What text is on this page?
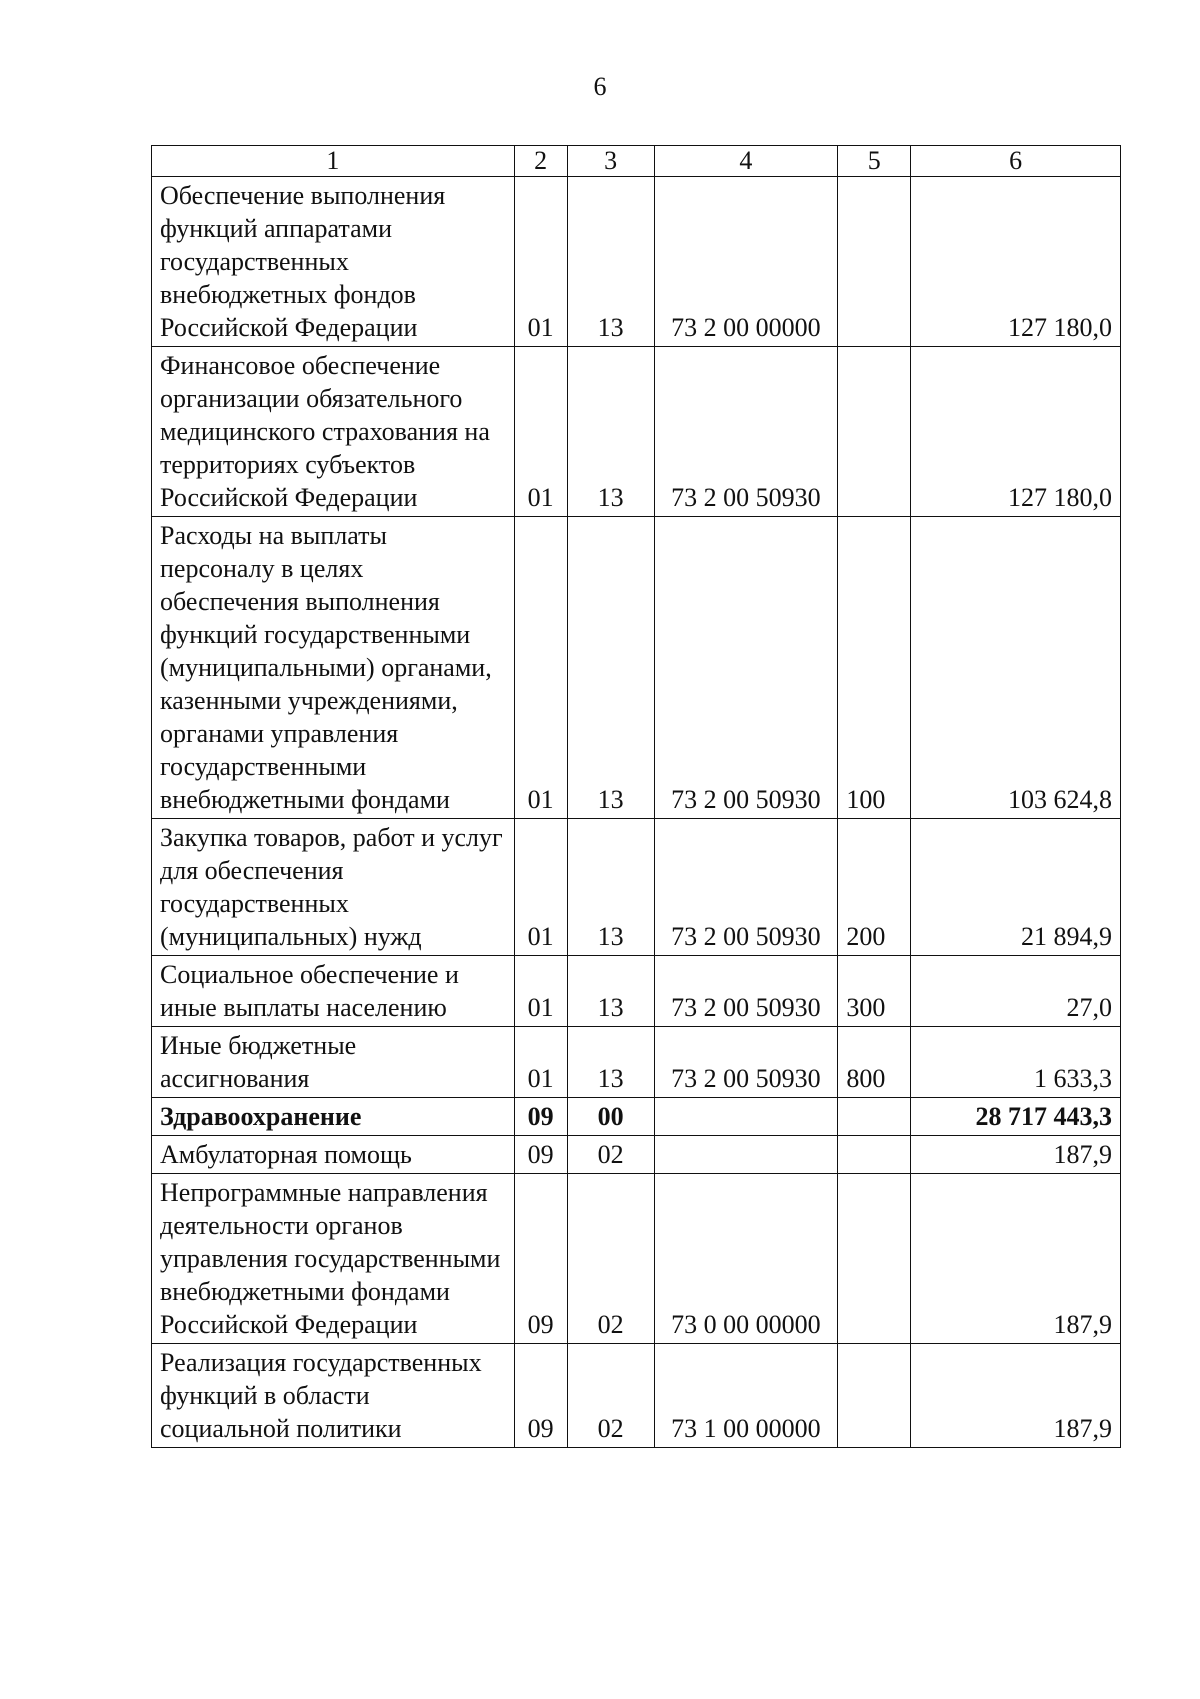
6
1	2	3	4	5	6
Обеспечение выполнения функций аппаратами государственных внебюджетных фондов Российской Федерации	01	13	73 2 00 00000		127 180,0
Финансовое обеспечение организации обязательного медицинского страхования на территориях субъектов Российской Федерации	01	13	73 2 00 50930		127 180,0
Расходы на выплаты персоналу в целях обеспечения выполнения функций государственными (муниципальными) органами, казенными учреждениями, органами управления государственными внебюджетными фондами	01	13	73 2 00 50930	100	103 624,8
Закупка товаров, работ и услуг для обеспечения государственных (муниципальных) нужд	01	13	73 2 00 50930	200	21 894,9
Социальное обеспечение и иные выплаты населению	01	13	73 2 00 50930	300	27,0
Иные бюджетные ассигнования	01	13	73 2 00 50930	800	1 633,3
Здравоохранение	09	00			28 717 443,3
Амбулаторная помощь	09	02			187,9
Непрограммные направления деятельности органов управления государственными внебюджетными фондами Российской Федерации	09	02	73 0 00 00000		187,9
Реализация государственных функций в области социальной политики	09	02	73 1 00 00000		187,9
